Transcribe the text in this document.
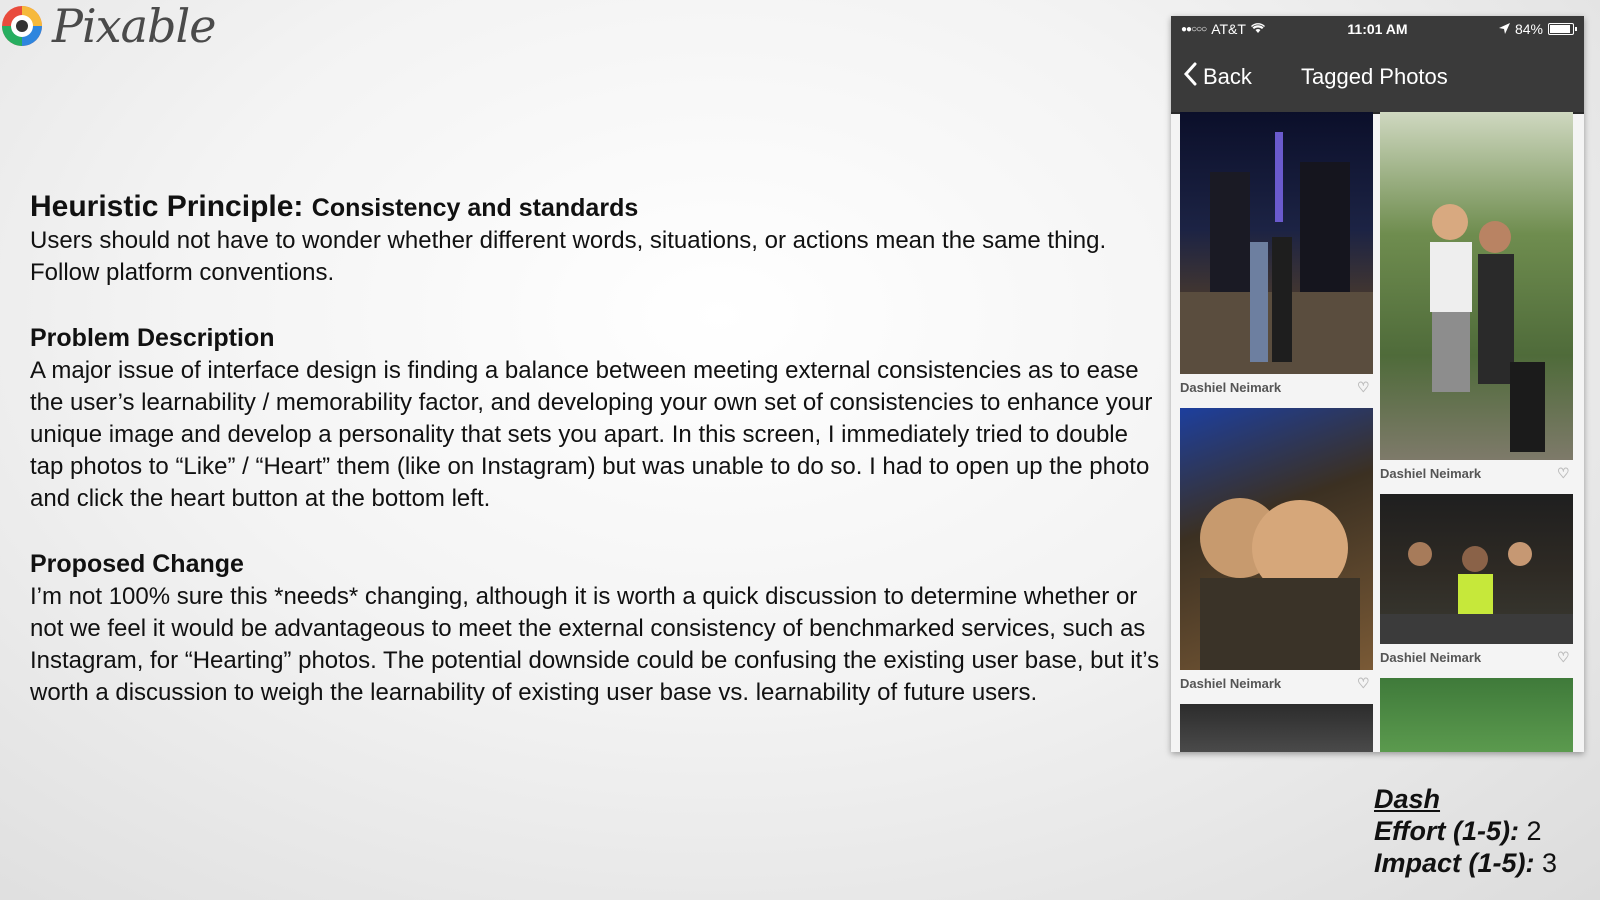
Pixable
Heuristic Principle: Consistency and standards

Users should not have to wonder whether different words, situations, or actions mean the same thing. Follow platform conventions.

Problem Description

A major issue of interface design is finding a balance between meeting external consistencies as to ease the user’s learnability / memorability factor, and developing your own set of consistencies to enhance your unique image and develop a personality that sets you apart. In this screen, I immediately tried to double tap photos to “Like” / “Heart” them (like on Instagram) but was unable to do so. I had to open up the photo and click the heart button at the bottom left.

Proposed Change

I’m not 100% sure this *needs* changing, although it is worth a quick discussion to determine whether or not we feel it would be advantageous to meet the external consistency of benchmarked services, such as Instagram, for “Hearting” photos. The potential downside could be confusing the existing user base, but it’s worth a discussion to weigh the learnability of existing user base vs. learnability of future users.

●●○○○ AT&T	11:01 AM	84%
Back Tagged Photos
Dashiel Neimark	♡
Dashiel Neimark	♡
Dashiel Neimark	♡
Dashiel Neimark	♡
Dash
Effort (1-5): 2
Impact (1-5): 3
